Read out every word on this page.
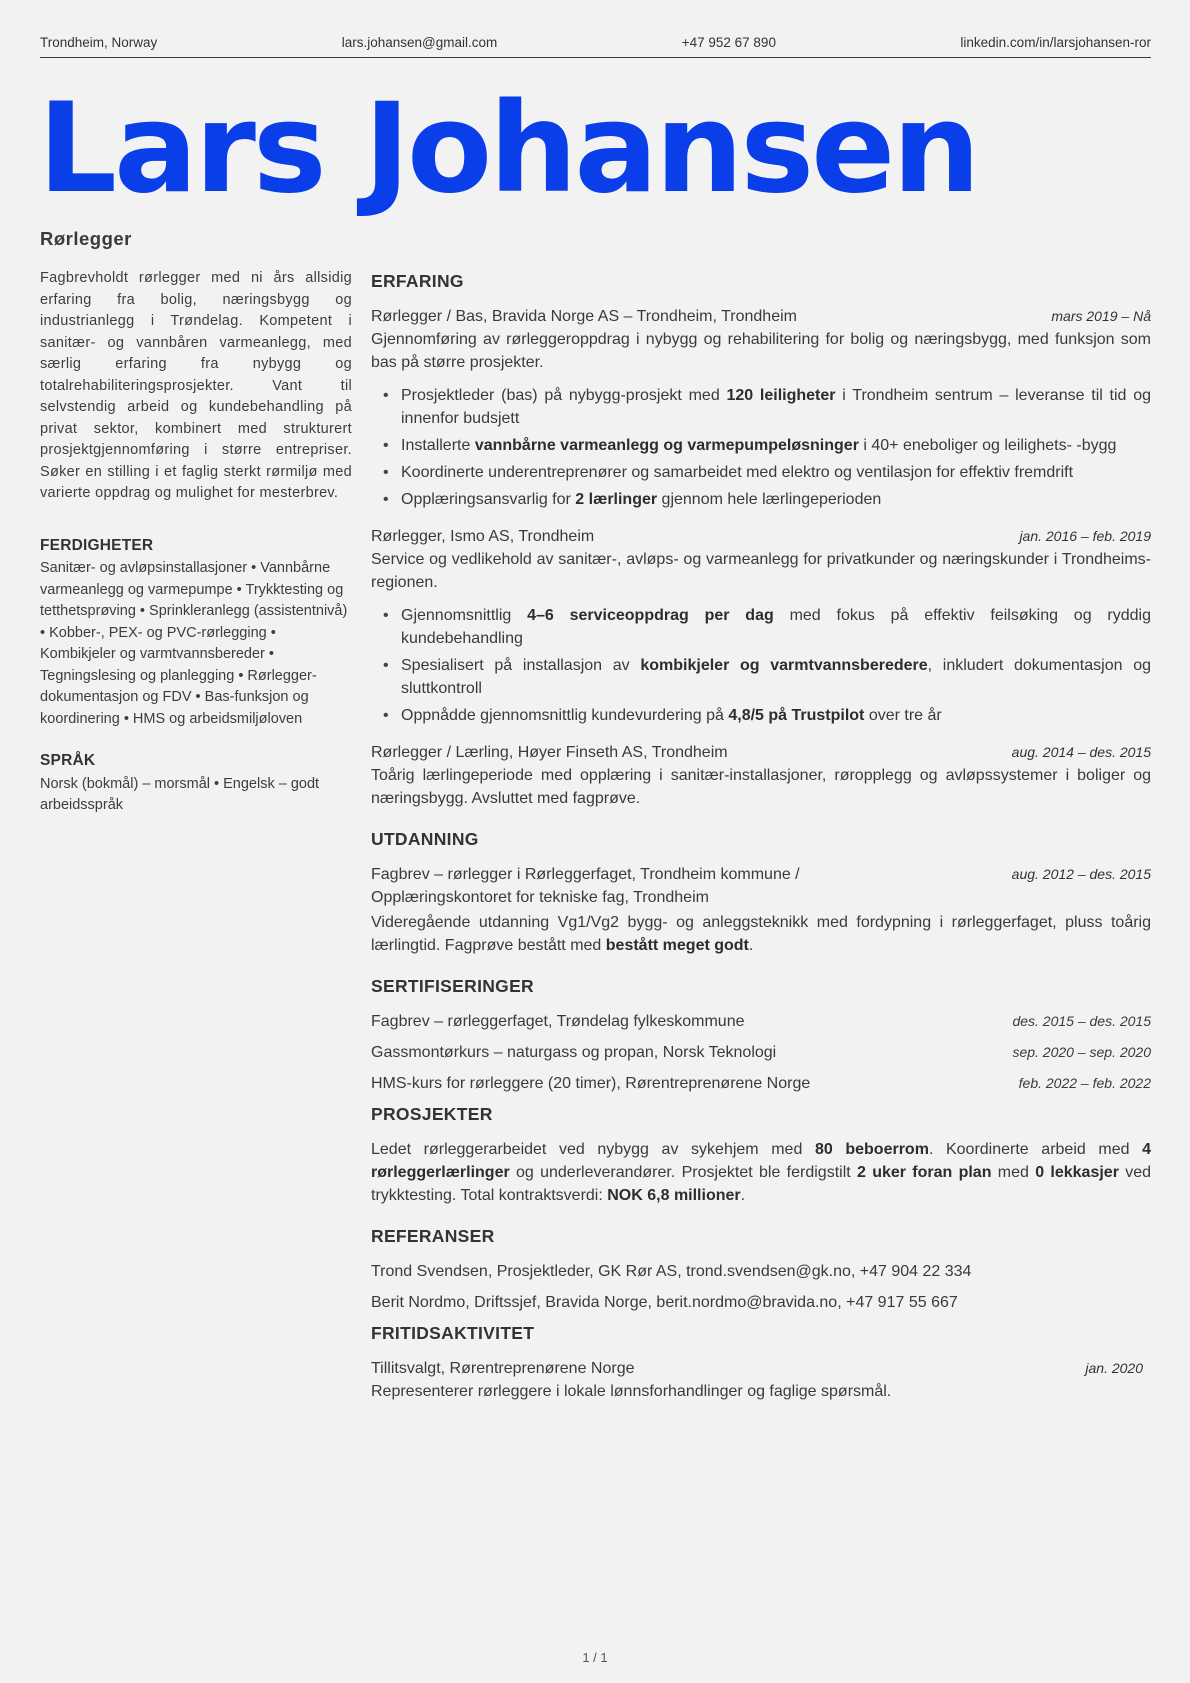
Trondheim, Norway	lars.johansen@gmail.com	+47 952 67 890	linkedin.com/in/larsjohansen-ror
Lars Johansen
Rørlegger

Fagbrevholdt rørlegger med ni års allsidig erfaring fra bolig, næringsbygg og industrianlegg i Trøndelag. Kompetent i sanitær- og vannbåren varmeanlegg, med særlig erfaring fra nybygg og totalrehabiliteringsprosjekter. Vant til selvstendig arbeid og kundebehandling på privat sektor, kombinert med strukturert prosjektgjennomføring i større entrepriser. Søker en stilling i et faglig sterkt rørmiljø med varierte oppdrag og mulighet for mesterbrev.

FERDIGHETER

Sanitær- og avløpsinstallasjoner • Vannbårne varmeanlegg og varmepumpe • Trykktesting og tetthetsprøving • Sprinkleranlegg (assistentnivå) • Kobber-, PEX- og PVC-rørlegging • Kombikjeler og varmtvannsbereder • Tegningslesing og planlegging • Rørlegger-dokumentasjon og FDV • Bas-funksjon og koordinering • HMS og arbeidsmiljøloven

SPRÅK

Norsk (bokmål) – morsmål • Engelsk – godt arbeidsspråk

ERFARING
Rørlegger / Bas, Bravida Norge AS – Trondheim, Trondheim	mars 2019 – Nå

Gjennomføring av rørleggeroppdrag i nybygg og rehabilitering for bolig og næringsbygg, med funksjon som bas på større prosjekter.

• Prosjektleder (bas) på nybygg-prosjekt med 120 leiligheter i Trondheim sentrum – leveranse til tid og innenfor budsjett
• Installerte vannbårne varmeanlegg og varmepumpeløsninger i 40+ eneboliger og leilighets- -bygg
• Koordinerte underentreprenører og samarbeidet med elektro og ventilasjon for effektiv fremdrift
• Opplæringsansvarlig for 2 lærlinger gjennom hele lærlingeperioden
Rørlegger, Ismo AS, Trondheim	jan. 2016 – feb. 2019

Service og vedlikehold av sanitær-, avløps- og varmeanlegg for privatkunder og næringskunder i Trondheims-regionen.

• Gjennomsnittlig 4–6 serviceoppdrag per dag med fokus på effektiv feilsøking og ryddig kundebehandling
• Spesialisert på installasjon av kombikjeler og varmtvannsberedere, inkludert dokumentasjon og sluttkontroll
• Oppnådde gjennomsnittlig kundevurdering på 4,8/5 på Trustpilot over tre år
Rørlegger / Lærling, Høyer Finseth AS, Trondheim	aug. 2014 – des. 2015

Toårig lærlingeperiode med opplæring i sanitær-installasjoner, røropplegg og avløpssystemer i boliger og næringsbygg. Avsluttet med fagprøve.

UTDANNING
Fagbrev – rørlegger i Rørleggerfaget, Trondheim kommune / Opplæringskontoret for tekniske fag, Trondheim
aug. 2012 – des. 2015

Videregående utdanning Vg1/Vg2 bygg- og anleggsteknikk med fordypning i rørleggerfaget, pluss toårig lærlingtid. Fagprøve bestått med bestått meget godt.

SERTIFISERINGER
Fagbrev – rørleggerfaget, Trøndelag fylkeskommune	des. 2015 – des. 2015
Gassmontørkurs – naturgass og propan, Norsk Teknologi	sep. 2020 – sep. 2020
HMS-kurs for rørleggere (20 timer), Rørentreprenørene Norge	feb. 2022 – feb. 2022
PROSJEKTER

Ledet rørleggerarbeidet ved nybygg av sykehjem med 80 beboerrom. Koordinerte arbeid med 4 rørleggerlærlinger og underleverandører. Prosjektet ble ferdigstilt 2 uker foran plan med 0 lekkasjer ved trykktesting. Total kontraktsverdi: NOK 6,8 millioner.

REFERANSER
Trond Svendsen, Prosjektleder, GK Rør AS, trond.svendsen@gk.no, +47 904 22 334
Berit Nordmo, Driftssjef, Bravida Norge, berit.nordmo@bravida.no, +47 917 55 667
FRITIDSAKTIVITET
Tillitsvalgt, Rørentreprenørene Norge	jan. 2020

Representerer rørleggere i lokale lønnsforhandlinger og faglige spørsmål.

1 / 1
